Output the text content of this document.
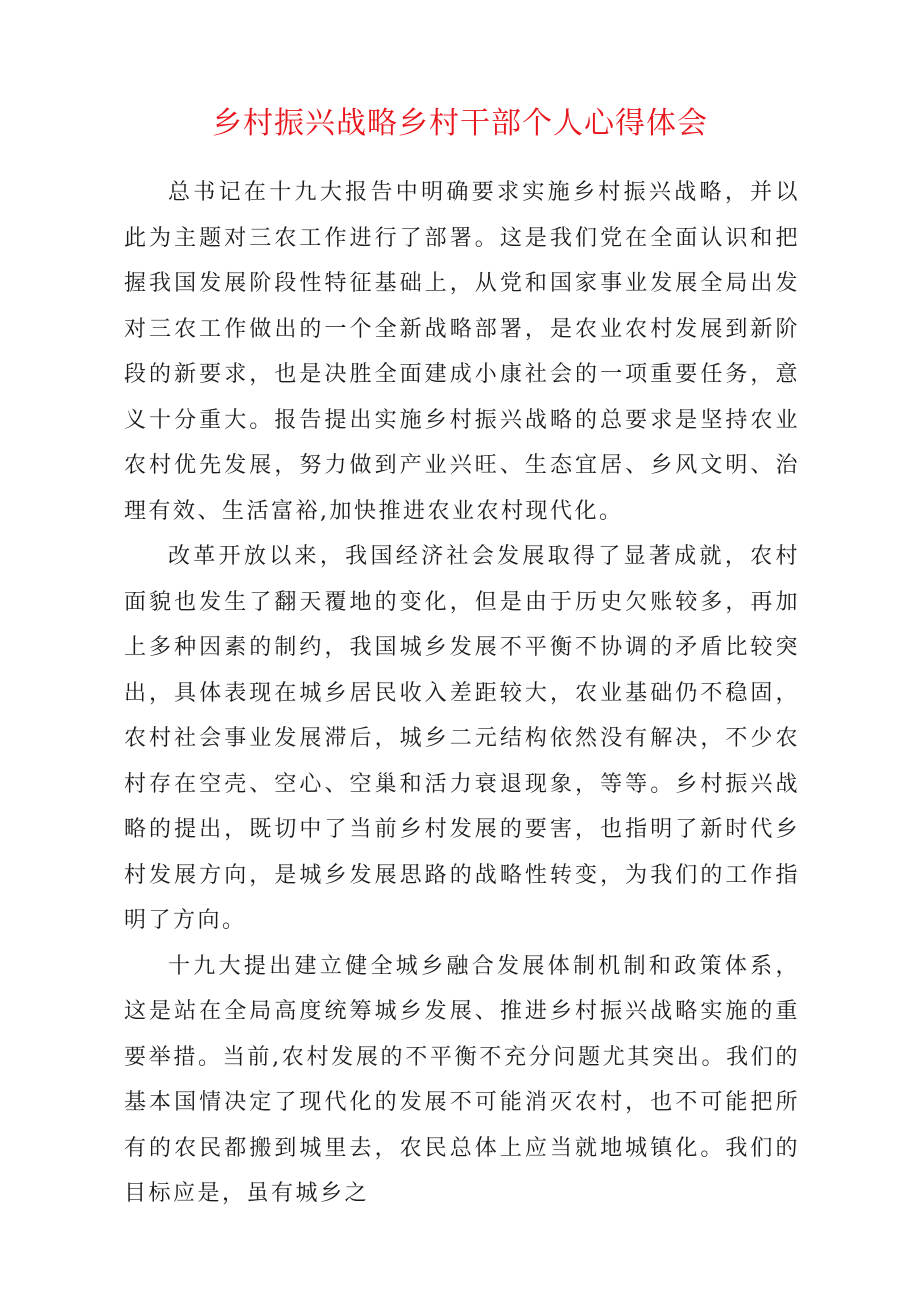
乡村振兴战略乡村干部个人心得体会

总书记在十九大报告中明确要求实施乡村振兴战略，并以此为主题对三农工作进行了部署。这是我们党在全面认识和把握我国发展阶段性特征基础上，从党和国家事业发展全局出发对三农工作做出的一个全新战略部署，是农业农村发展到新阶段的新要求，也是决胜全面建成小康社会的一项重要任务，意义十分重大。报告提出实施乡村振兴战略的总要求是坚持农业农村优先发展，努力做到产业兴旺、生态宜居、乡风文明、治理有效、生活富裕,加快推进农业农村现代化。

改革开放以来，我国经济社会发展取得了显著成就，农村面貌也发生了翻天覆地的变化，但是由于历史欠账较多，再加上多种因素的制约，我国城乡发展不平衡不协调的矛盾比较突出，具体表现在城乡居民收入差距较大，农业基础仍不稳固，农村社会事业发展滞后，城乡二元结构依然没有解决，不少农村存在空壳、空心、空巢和活力衰退现象，等等。乡村振兴战略的提出，既切中了当前乡村发展的要害，也指明了新时代乡村发展方向，是城乡发展思路的战略性转变，为我们的工作指明了方向。

十九大提出建立健全城乡融合发展体制机制和政策体系，这是站在全局高度统筹城乡发展、推进乡村振兴战略实施的重要举措。当前,农村发展的不平衡不充分问题尤其突出。我们的基本国情决定了现代化的发展不可能消灭农村，也不可能把所有的农民都搬到城里去，农民总体上应当就地城镇化。我们的目标应是，虽有城乡之
